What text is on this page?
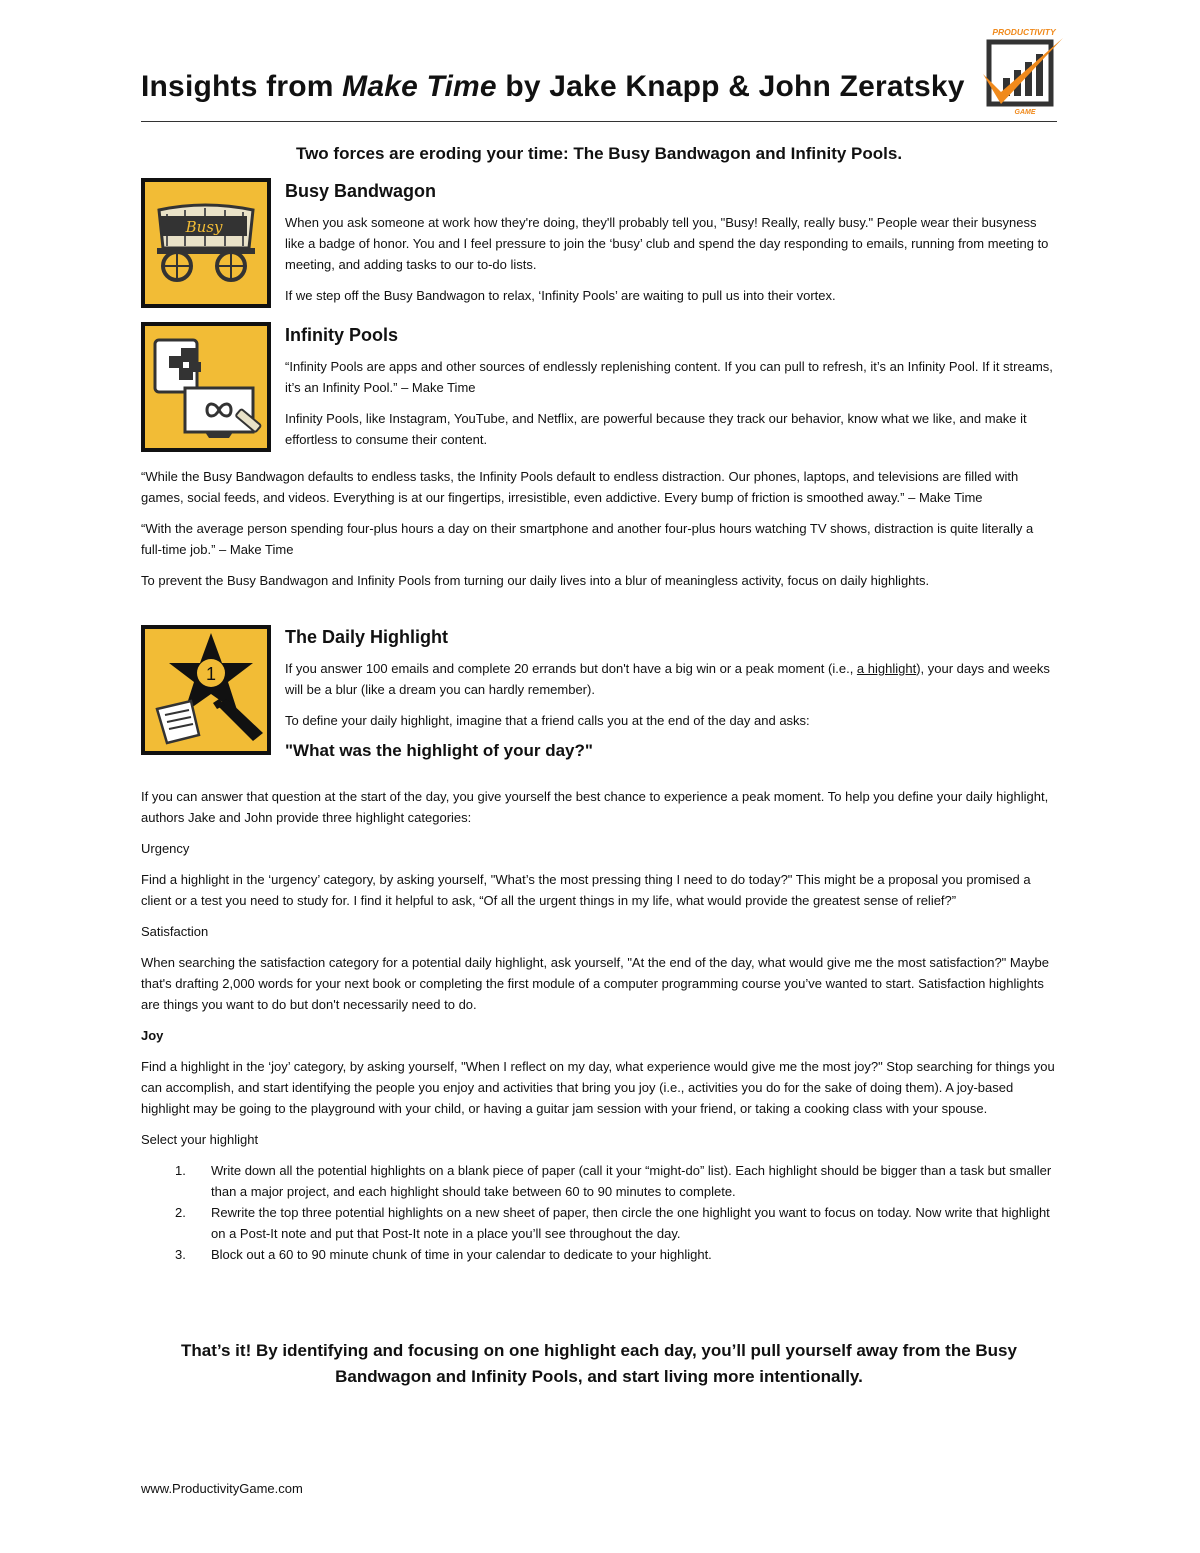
Insights from Make Time by Jake Knapp & John Zeratsky
PRODUCTIVITY
GAME
Two forces are eroding your time: The Busy Bandwagon and Infinity Pools.
Busy
Busy Bandwagon

When you ask someone at work how they're doing, they'll probably tell you, "Busy! Really, really busy." People wear their busyness like a badge of honor. You and I feel pressure to join the ‘busy’ club and spend the day responding to emails, running from meeting to meeting, and adding tasks to our to-do lists.

If we step off the Busy Bandwagon to relax, ‘Infinity Pools’ are waiting to pull us into their vortex.

Infinity Pools

“Infinity Pools are apps and other sources of endlessly replenishing content. If you can pull to refresh, it’s an Infinity Pool. If it streams, it’s an Infinity Pool.” – Make Time

Infinity Pools, like Instagram, YouTube, and Netflix, are powerful because they track our behavior, know what we like, and make it effortless to consume their content.

“While the Busy Bandwagon defaults to endless tasks, the Infinity Pools default to endless distraction. Our phones, laptops, and televisions are filled with games, social feeds, and videos. Everything is at our fingertips, irresistible, even addictive. Every bump of friction is smoothed away.” – Make Time

“With the average person spending four-plus hours a day on their smartphone and another four-plus hours watching TV shows, distraction is quite literally a full-time job.” – Make Time

To prevent the Busy Bandwagon and Infinity Pools from turning our daily lives into a blur of meaningless activity, focus on daily highlights.

1
The Daily Highlight

If you answer 100 emails and complete 20 errands but don't have a big win or a peak moment (i.e., a highlight), your days and weeks will be a blur (like a dream you can hardly remember).

To define your daily highlight, imagine that a friend calls you at the end of the day and asks:

"What was the highlight of your day?"

If you can answer that question at the start of the day, you give yourself the best chance to experience a peak moment. To help you define your daily highlight, authors Jake and John provide three highlight categories:

Urgency

Find a highlight in the ‘urgency’ category, by asking yourself, "What’s the most pressing thing I need to do today?" This might be a proposal you promised a client or a test you need to study for. I find it helpful to ask, “Of all the urgent things in my life, what would provide the greatest sense of relief?”

Satisfaction

When searching the satisfaction category for a potential daily highlight, ask yourself, "At the end of the day, what would give me the most satisfaction?" Maybe that's drafting 2,000 words for your next book or completing the first module of a computer programming course you’ve wanted to start. Satisfaction highlights are things you want to do but don't necessarily need to do.

Joy

Find a highlight in the ‘joy’ category, by asking yourself, "When I reflect on my day, what experience would give me the most joy?" Stop searching for things you can accomplish, and start identifying the people you enjoy and activities that bring you joy (i.e., activities you do for the sake of doing them). A joy-based highlight may be going to the playground with your child, or having a guitar jam session with your friend, or taking a cooking class with your spouse.

Select your highlight

1. Write down all the potential highlights on a blank piece of paper (call it your “might-do” list). Each highlight should be bigger than a task but smaller than a major project, and each highlight should take between 60 to 90 minutes to complete.
2. Rewrite the top three potential highlights on a new sheet of paper, then circle the one highlight you want to focus on today. Now write that highlight on a Post-It note and put that Post-It note in a place you’ll see throughout the day.
3. Block out a 60 to 90 minute chunk of time in your calendar to dedicate to your highlight.
That’s it! By identifying and focusing on one highlight each day, you’ll pull yourself away from the Busy Bandwagon and Infinity Pools, and start living more intentionally.
www.ProductivityGame.com
